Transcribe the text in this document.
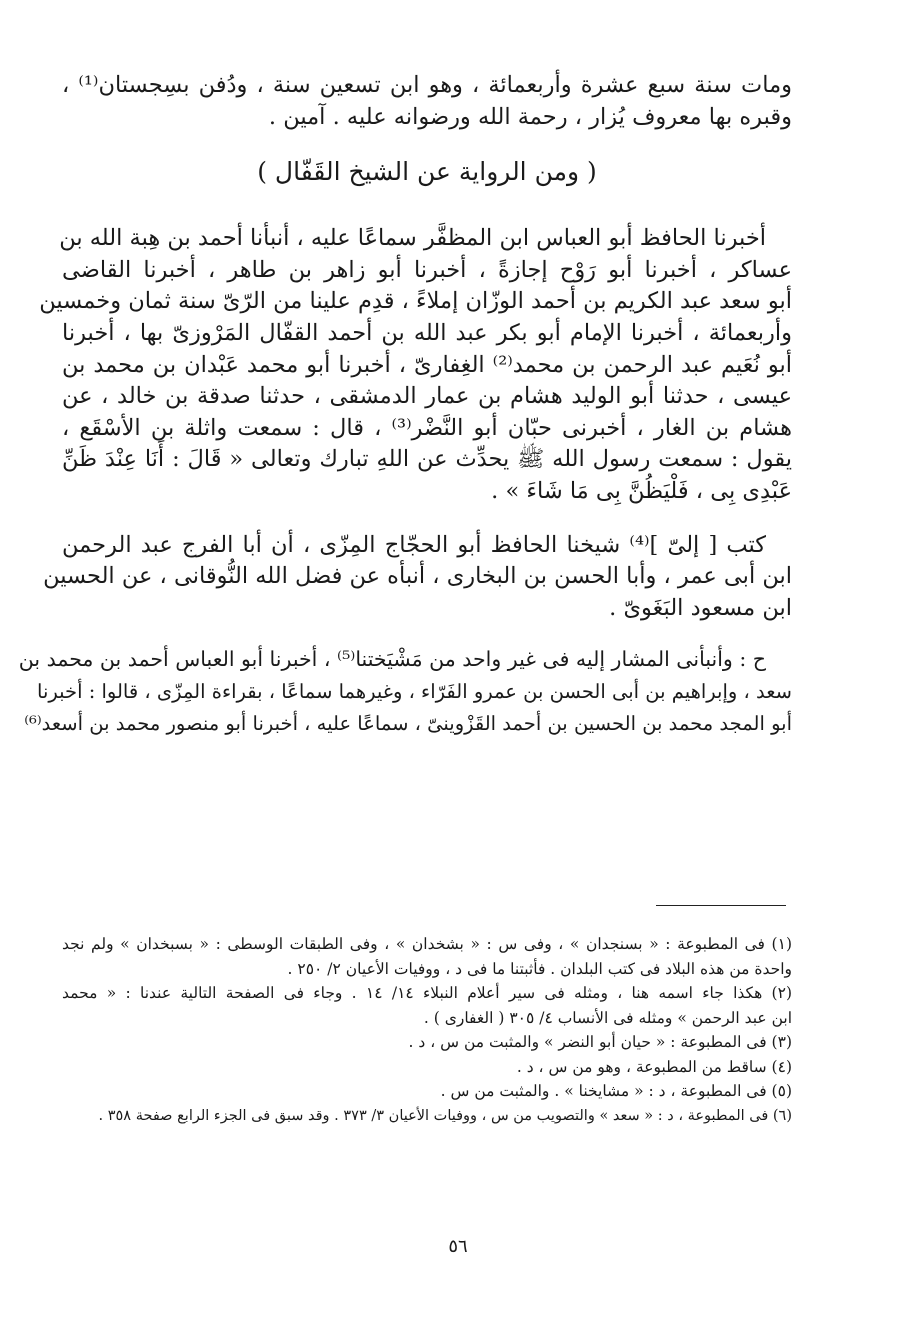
ومات سنة سبع عشرة وأربعمائة ، وهو ابن تسعين سنة ، ودُفن بسِجستان⁽¹⁾ ،
وقبره بها معروف يُزار ، رحمة الله ورضوانه عليه . آمين .
( ومن الرواية عن الشيخ القَفّال )
أخبرنا الحافظ أبو العباس ابن المظفَّر سماعًا عليه ، أنبأنا أحمد بن هِبة الله بن
عساكر ، أخبرنا أبو رَوْح إجازةً ، أخبرنا أبو زاهر بن طاهر ، أخبرنا القاضى
أبو سعد عبد الكريم بن أحمد الوزّان إملاءً ، قدِم علينا من الرّىّ سنة ثمان وخمسين
وأربعمائة ، أخبرنا الإمام أبو بكر عبد الله بن أحمد القفّال المَرْوزىّ بها ، أخبرنا
أبو نُعَيم عبد الرحمن بن محمد⁽²⁾ الغِفارىّ ، أخبرنا أبو محمد عَبْدان بن محمد بن
عيسى ، حدثنا أبو الوليد هشام بن عمار الدمشقى ، حدثنا صدقة بن خالد ، عن
هشام بن الغار ، أخبرنى حبّان أبو النَّضْر⁽³⁾ ، قال : سمعت واثلة بن الأسْقَع ،
يقول : سمعت رسول الله ﷺ يحدِّث عن اللهِ تبارك وتعالى « قَالَ : أَنَا عِنْدَ ظَنِّ
عَبْدِى بِى ، فَلْيَظُنَّ بِى مَا شَاءَ » .
كتب [ إلىّ ]⁽⁴⁾ شيخنا الحافظ أبو الحجّاج المِزّى ، أن أبا الفرج عبد الرحمن
ابن أبى عمر ، وأبا الحسن بن البخارى ، أنبأه عن فضل الله النُّوقانى ، عن الحسين
ابن مسعود البَغَوىّ .
ح : وأنبأنى المشار إليه فى غير واحد من مَشْيَختنا⁽⁵⁾ ، أخبرنا أبو العباس أحمد بن محمد بن
سعد ، وإبراهيم بن أبى الحسن بن عمرو الفَرّاء ، وغيرهما سماعًا ، بقراءة المِزّى ، قالوا : أخبرنا
أبو المجد محمد بن الحسين بن أحمد القَزْوينىّ ، سماعًا عليه ، أخبرنا أبو منصور محمد بن أسعد⁽⁶⁾
(١) فى المطبوعة : « بسنجدان » ، وفى س : « بشخدان » ، وفى الطبقات الوسطى : « بسبخدان » ولم نجد
واحدة من هذه البلاد فى كتب البلدان . فأثبتنا ما فى د ، ووفيات الأعيان ٢/ ٢٥٠ .
(٢) هكذا جاء اسمه هنا ، ومثله فى سير أعلام النبلاء ١٤/ ١٤ . وجاء فى الصفحة التالية عندنا : « محمد
ابن عبد الرحمن » ومثله فى الأنساب ٤/ ٣٠٥ ( الغفارى ) .
(٣) فى المطبوعة : « حيان أبو النضر » والمثبت من س ، د .
(٤) ساقط من المطبوعة ، وهو من س ، د .
(٥) فى المطبوعة ، د : « مشايخنا » . والمثبت من س .
(٦) فى المطبوعة ، د : « سعد » والتصويب من س ، ووفيات الأعيان ٣/ ٣٧٣ . وقد سبق فى الجزء الرابع صفحة ٣٥٨ .
٥٦
